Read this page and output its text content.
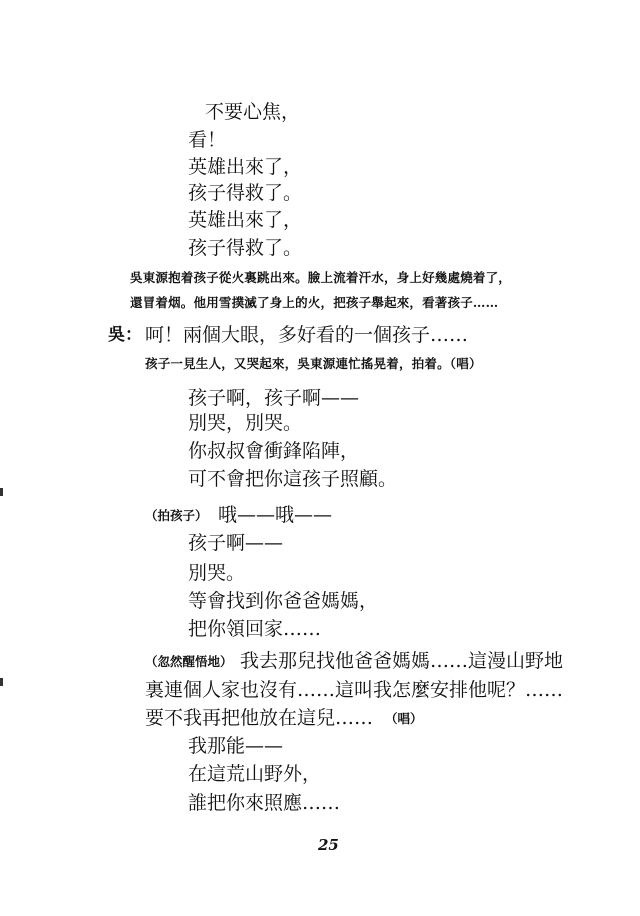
不要心焦，
看！
英雄出來了，
孩子得救了。
英雄出來了，
孩子得救了。
吳東源抱着孩子從火裏跳出來。臉上流着汗水，身上好幾處燒着了，
還冒着烟。他用雪撲滅了身上的火，把孩子舉起來，看著孩子……
吳： 呵！兩個大眼，多好看的一個孩子……
孩子一見生人，又哭起來，吳東源連忙搖晃着，拍着。（唱）
孩子啊，孩子啊——
別哭，別哭。
你叔叔會衝鋒陷陣，
可不會把你這孩子照顧。
（拍孩子） 哦——哦——
孩子啊——
別哭。
等會找到你爸爸媽媽，
把你領回家……
（忽然醒悟地） 我去那兒找他爸爸媽媽……這漫山野地
裏連個人家也沒有……這叫我怎麼安排他呢？……
要不我再把他放在這兒…… （唱）
我那能——
在這荒山野外，
誰把你來照應……
25
